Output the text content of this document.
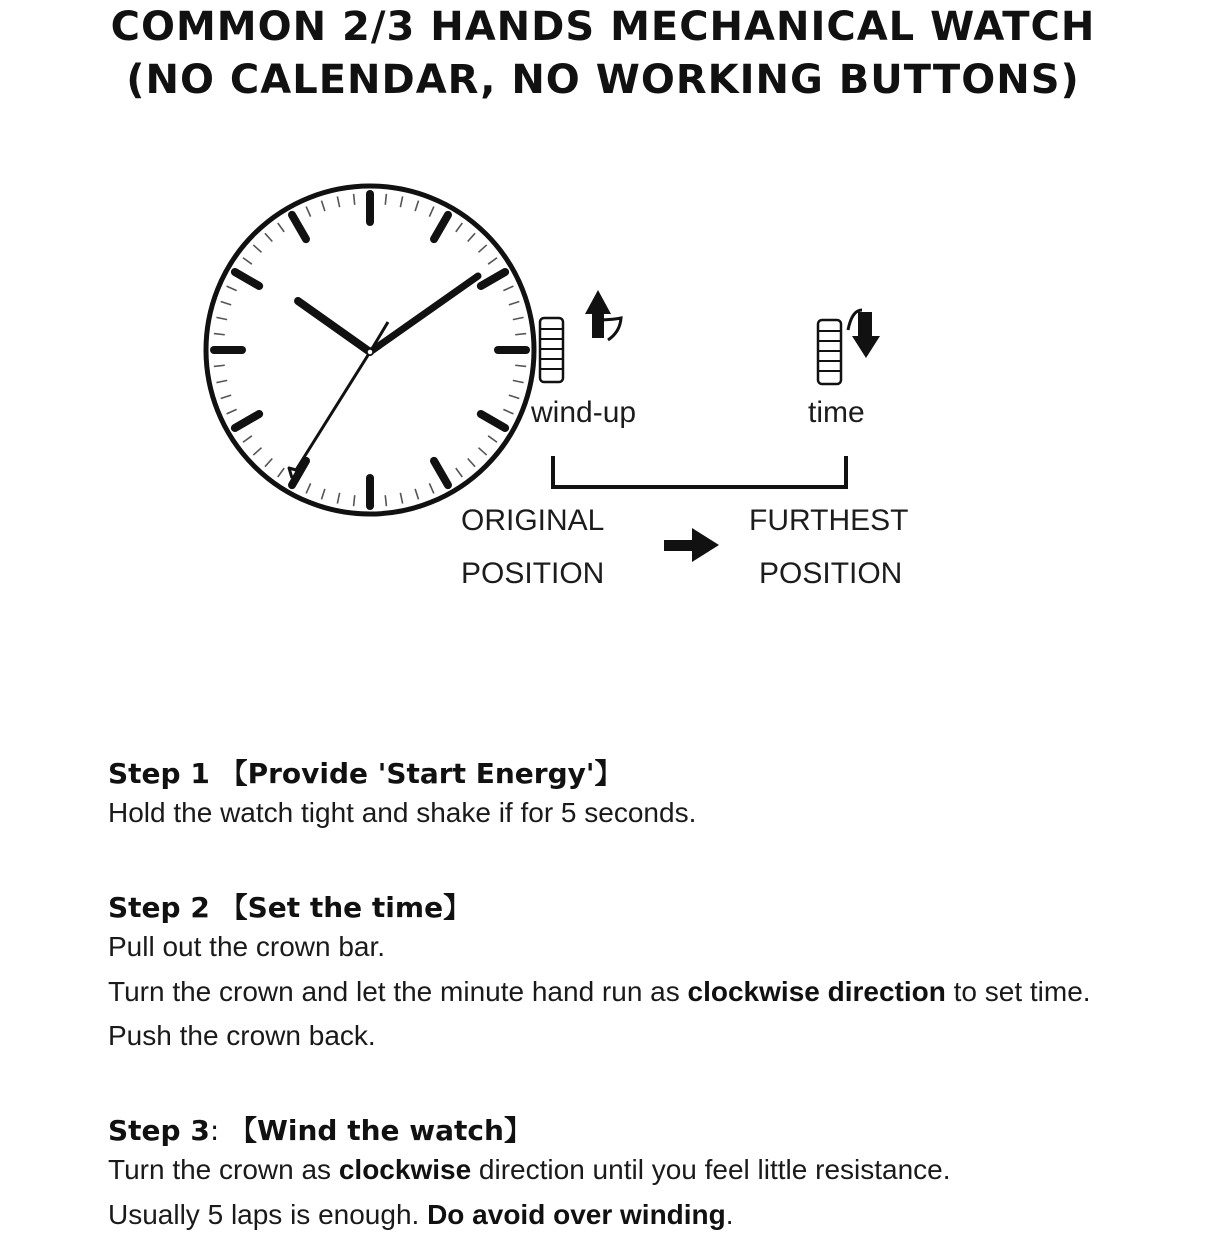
COMMON 2/3 HANDS MECHANICAL WATCH
(NO CALENDAR, NO WORKING BUTTONS)
wind-up	time
ORIGINAL
POSITION
FURTHEST
POSITION
Step 1 【Provide 'Start Energy'】
Hold the watch tight and shake if for 5 seconds.
Step 2 【Set the time】
Pull out the crown bar.
Turn the crown and let the minute hand run as clockwise direction to set time.
Push the crown back.
Step 3: 【Wind the watch】
Turn the crown as clockwise direction until you feel little resistance.
Usually 5 laps is enough. Do avoid over winding.
